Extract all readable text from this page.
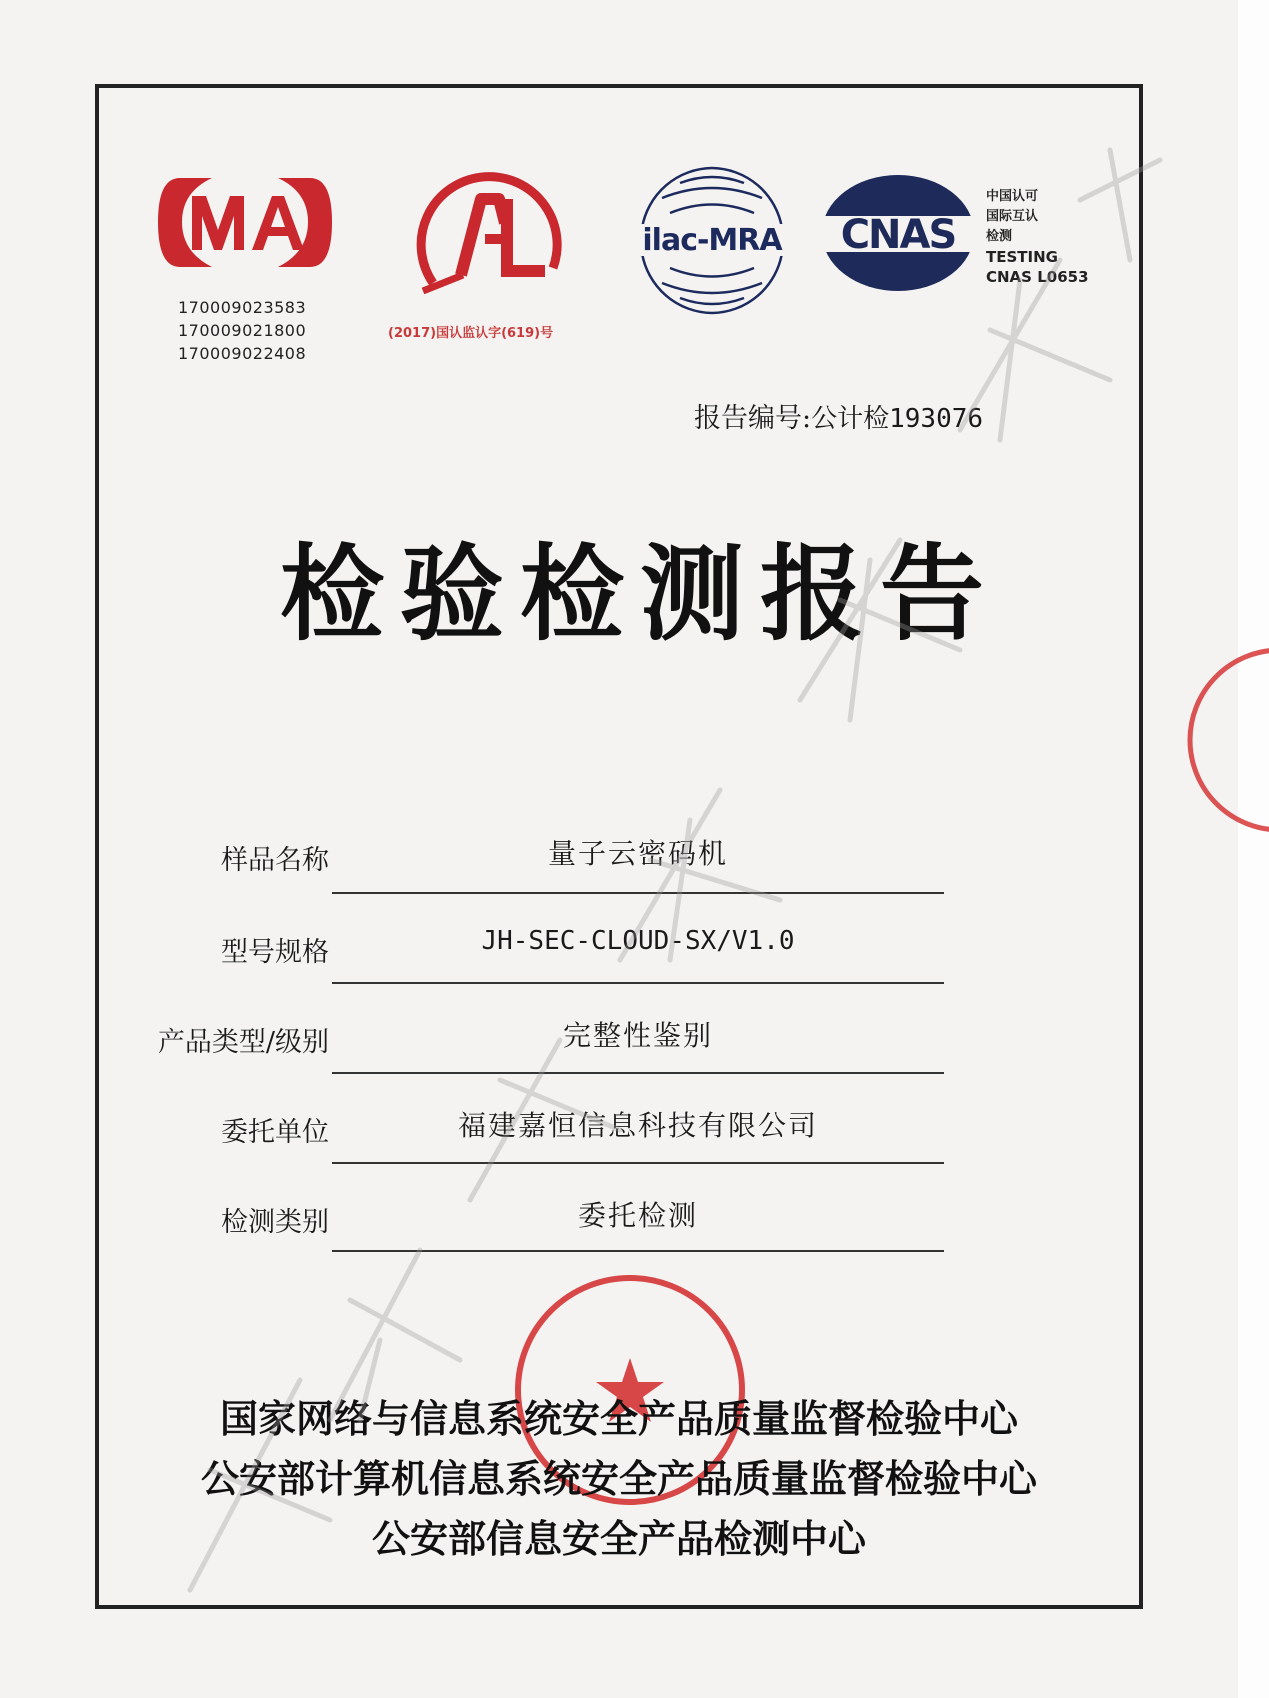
170009023583
170009021800
170009022408
(2017)国认监认字(619)号
ilac-MRA CNAS
中国认可
国际互认
检测
TESTING
CNAS L0653
报告编号:公计检193076
检验检测报告
样品名称	量子云密码机
型号规格	JH-SEC-CLOUD-SX/V1.0
产品类型/级别	完整性鉴别
委托单位	福建嘉恒信息科技有限公司
检测类别	委托检测
国家网络与信息系统安全产品质量监督检验中心
公安部计算机信息系统安全产品质量监督检验中心
公安部信息安全产品检测中心
